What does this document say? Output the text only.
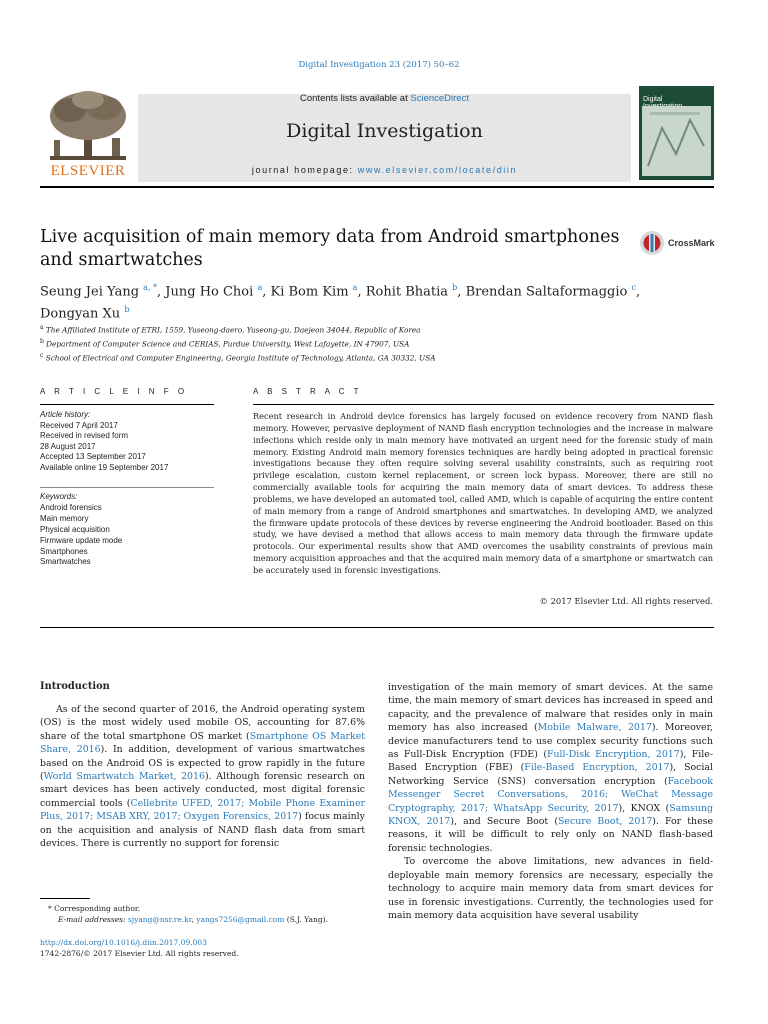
Digital Investigation 23 (2017) 50–62
ELSEVIER
Contents lists available at ScienceDirect
Digital Investigation
journal homepage: www.elsevier.com/locate/diin
Digital

Live acquisition of main memory data from Android smartphones and smartwatches
CrossMark
Seung Jei Yang $^{a, *}$, Jung Ho Choi $^a$, Ki Bom Kim $^a$, Rohit Bhatia $^b$, Brendan Saltaformaggio $^c$,
Dongyan Xu $^b$
$^a$ The Affiliated Institute of ETRI, 1559, Yuseong-daero, Yuseong-gu, Daejeon 34044, Republic of Korea
$^b$ Department of Computer Science and CERIAS, Purdue University, West Lafayette, IN 47907, USA
$^c$ School of Electrical and Computer Engineering, Georgia Institute of Technology, Atlanta, GA 30332, USA
A R T I C L E I N F O	A B S T R A C T
Article history:
Received 7 April 2017
Received in revised form
28 August 2017
Accepted 13 September 2017
Available online 19 September 2017
Keywords:
Android forensics
Main memory
Physical acquisition
Firmware update mode
Smartphones
Smartwatches
Recent research in Android device forensics has largely focused on evidence recovery from NAND flash memory. However, pervasive deployment of NAND flash encryption technologies and the increase in malware infections which reside only in main memory have motivated an urgent need for the forensic study of main memory. Existing Android main memory forensics techniques are hardly being adopted in practical forensic investigations because they often require solving several usability constraints, such as requiring root privilege escalation, custom kernel replacement, or screen lock bypass. Moreover, there are still no commercially available tools for acquiring the main memory data of smart devices. To address these problems, we have developed an automated tool, called AMD, which is capable of acquiring the entire content of main memory from a range of Android smartphones and smartwatches. In developing AMD, we analyzed the firmware update protocols of these devices by reverse engineering the Android bootloader. Based on this study, we have devised a method that allows access to main memory data through the firmware update protocols. Our experimental results show that AMD overcomes the usability constraints of previous main memory acquisition approaches and that the acquired main memory data of a smartphone or smartwatch can be accurately used in forensic investigations.
© 2017 Elsevier Ltd. All rights reserved.
Introduction

As of the second quarter of 2016, the Android operating system (OS) is the most widely used mobile OS, accounting for 87.6% share of the total smartphone OS market (Smartphone OS Market Share, 2016). In addition, development of various smartwatches based on the Android OS is expected to grow rapidly in the future (World Smartwatch Market, 2016). Although forensic research on smart devices has been actively conducted, most digital forensic commercial tools (Cellebrite UFED, 2017; Mobile Phone Examiner Plus, 2017; MSAB XRY, 2017; Oxygen Forensics, 2017) focus mainly on the acquisition and analysis of NAND flash data from smart devices. There is currently no support for forensic

investigation of the main memory of smart devices. At the same time, the main memory of smart devices has increased in speed and capacity, and the prevalence of malware that resides only in main memory has also increased (Mobile Malware, 2017). Moreover, device manufacturers tend to use complex security functions such as Full-Disk Encryption (FDE) (Full-Disk Encryption, 2017), File-Based Encryption (FBE) (File-Based Encryption, 2017), Social Networking Service (SNS) conversation encryption (Facebook Messenger Secret Conversations, 2016; WeChat Message Cryptography, 2017; WhatsApp Security, 2017), KNOX (Samsung KNOX, 2017), and Secure Boot (Secure Boot, 2017). For these reasons, it will be difficult to rely only on NAND flash-based forensic technologies.

To overcome the above limitations, new advances in field-deployable main memory forensics are necessary, especially the technology to acquire main memory data from smart devices for use in forensic investigations. Currently, the technologies used for main memory data acquisition have several usability

* Corresponding author.
E-mail addresses: sjyang@nsr.re.kr, yangs7256@gmail.com (S.J. Yang).
http://dx.doi.org/10.1016/j.diin.2017.09.003
1742-2876/© 2017 Elsevier Ltd. All rights reserved.
